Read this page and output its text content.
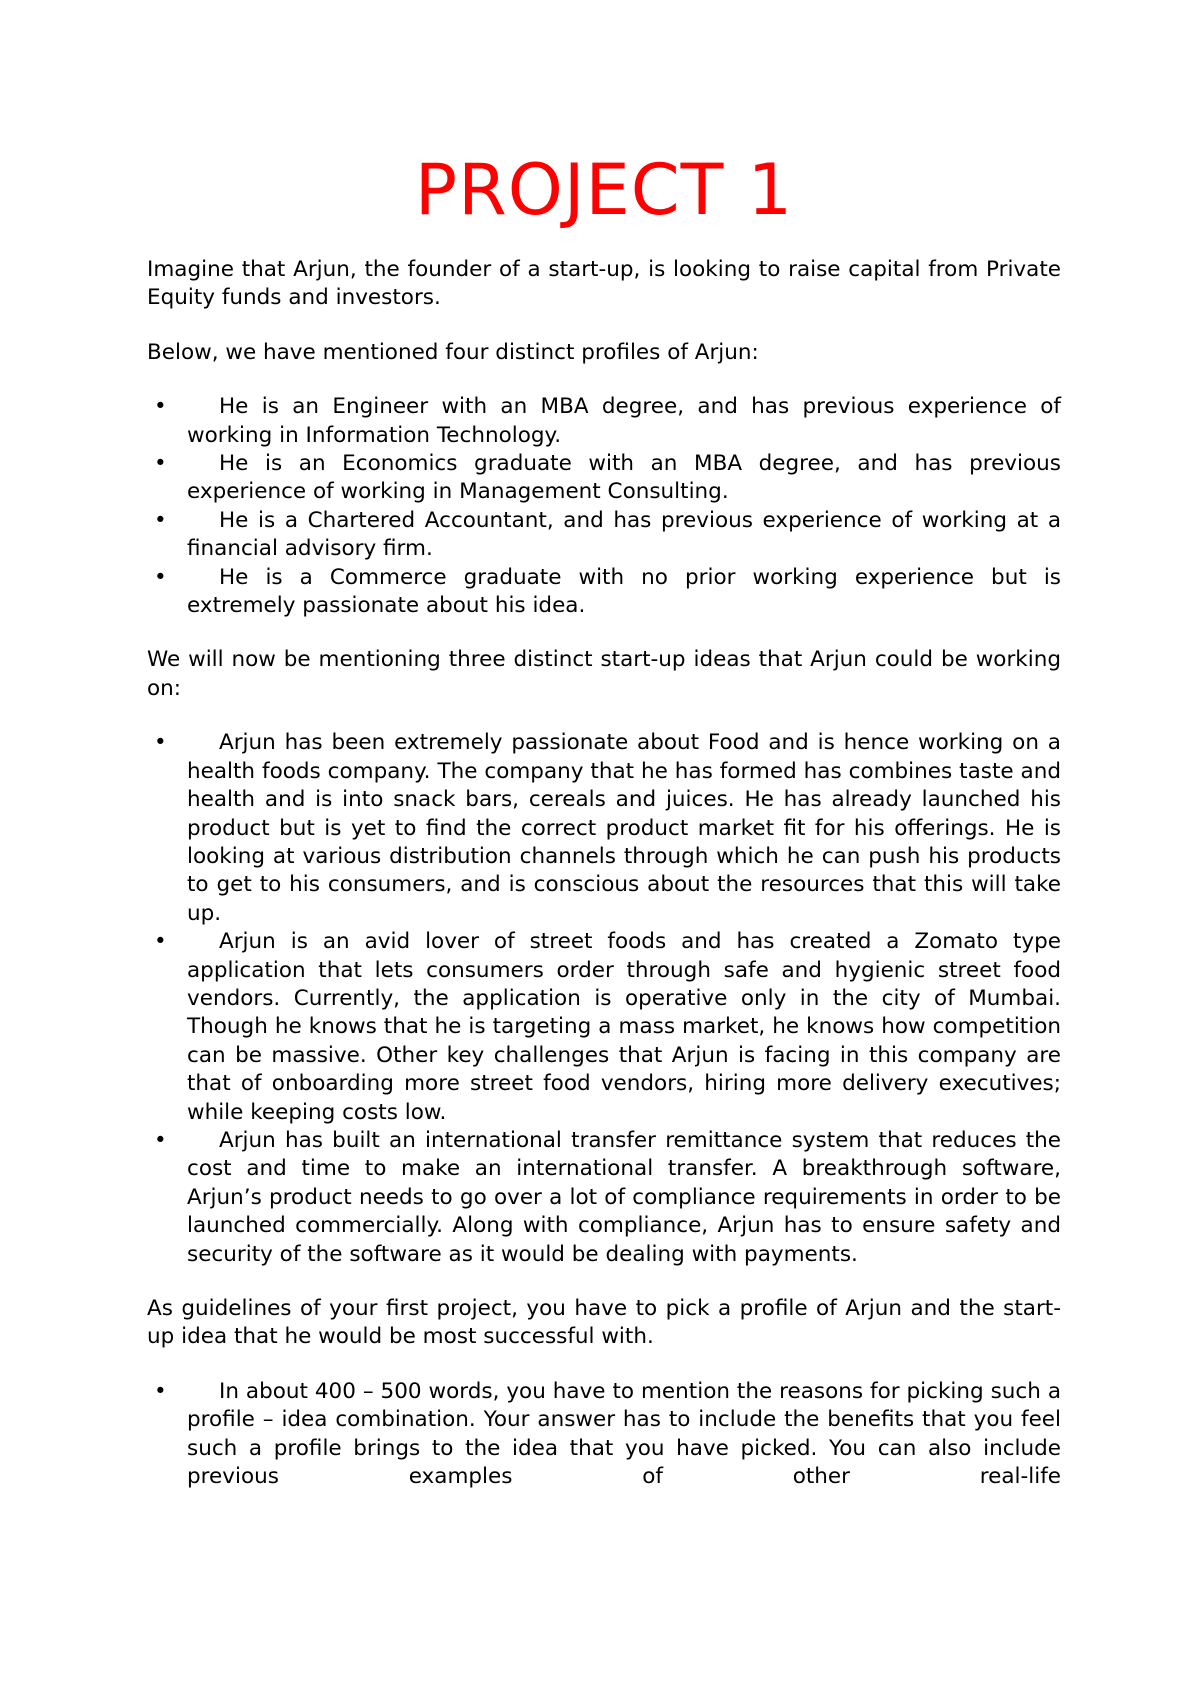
PROJECT 1

Imagine that Arjun, the founder of a start-up, is looking to raise capital from Private Equity funds and investors.

Below, we have mentioned four distinct profiles of Arjun:

• He is an Engineer with an MBA degree, and has previous experience of working in Information Technology.
• He is an Economics graduate with an MBA degree, and has previous experience of working in Management Consulting.
• He is a Chartered Accountant, and has previous experience of working at a financial advisory firm.
• He is a Commerce graduate with no prior working experience but is extremely passionate about his idea.

We will now be mentioning three distinct start-up ideas that Arjun could be working on:

• Arjun has been extremely passionate about Food and is hence working on a health foods company. The company that he has formed has combines taste and health and is into snack bars, cereals and juices. He has already launched his product but is yet to find the correct product market fit for his offerings. He is looking at various distribution channels through which he can push his products to get to his consumers, and is conscious about the resources that this will take up.
• Arjun is an avid lover of street foods and has created a Zomato type application that lets consumers order through safe and hygienic street food vendors. Currently, the application is operative only in the city of Mumbai. Though he knows that he is targeting a mass market, he knows how competition can be massive. Other key challenges that Arjun is facing in this company are that of onboarding more street food vendors, hiring more delivery executives; while keeping costs low.
• Arjun has built an international transfer remittance system that reduces the cost and time to make an international transfer. A breakthrough software, Arjun’s product needs to go over a lot of compliance requirements in order to be launched commercially. Along with compliance, Arjun has to ensure safety and security of the software as it would be dealing with payments.

As guidelines of your first project, you have to pick a profile of Arjun and the start-up idea that he would be most successful with.

• In about 400 – 500 words, you have to mention the reasons for picking such a profile – idea combination. Your answer has to include the benefits that you feel such a profile brings to the idea that you have picked. You can also include previous examples of other real-life
